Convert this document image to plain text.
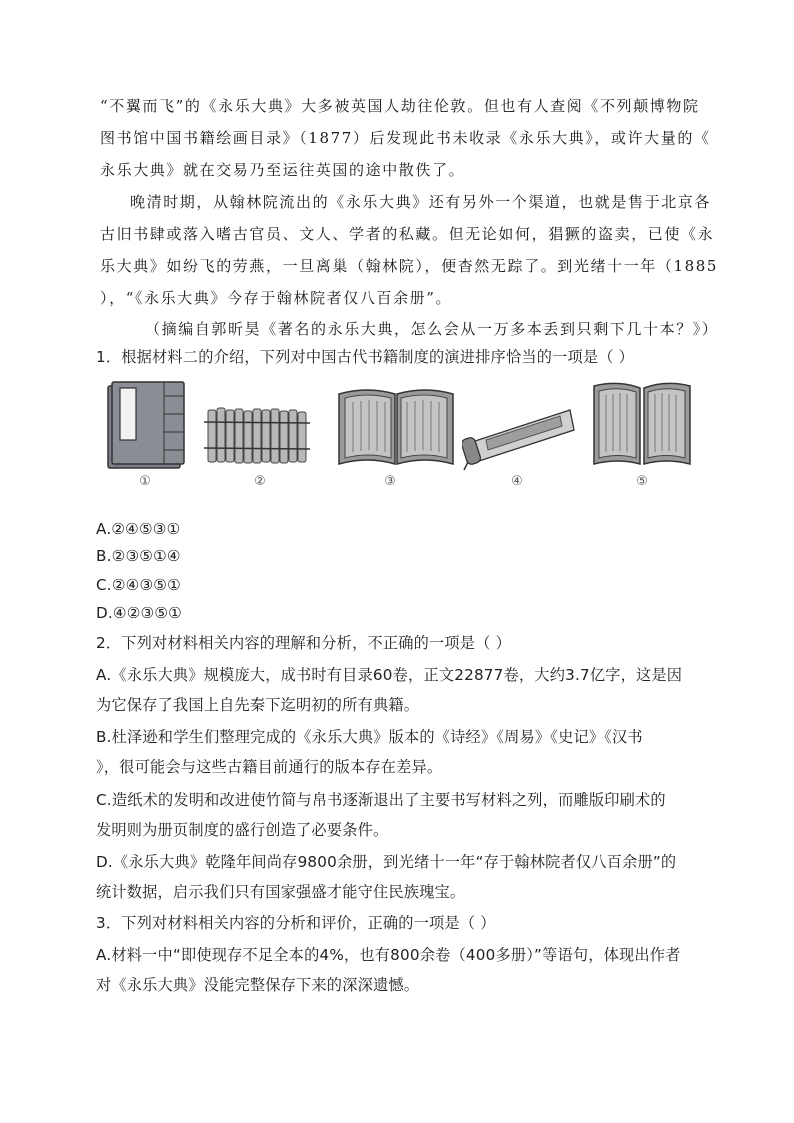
“不翼而飞”的《永乐大典》大多被英国人劫往伦敦。但也有人查阅《不列颠博物院
图书馆中国书籍绘画目录》（1877）后发现此书未收录《永乐大典》，或许大量的《
永乐大典》就在交易乃至运往英国的途中散佚了。
晚清时期，从翰林院流出的《永乐大典》还有另外一个渠道，也就是售于北京各
古旧书肆或落入嗜古官员、文人、学者的私藏。但无论如何，猖獗的盗卖，已使《永
乐大典》如纷飞的劳燕，一旦离巢（翰林院），便杳然无踪了。到光绪十一年（1885
），“《永乐大典》今存于翰林院者仅八百余册”。
（摘编自郭昕昊《著名的永乐大典，怎么会从一万多本丢到只剩下几十本？》）
1．根据材料二的介绍，下列对中国古代书籍制度的演进排序恰当的一项是（ ）
①	②	③	④	⑤
A.②④⑤③①
B.②③⑤①④
C.②④③⑤①
D.④②③⑤①
2．下列对材料相关内容的理解和分析，不正确的一项是（ ）
A.《永乐大典》规模庞大，成书时有目录60卷，正文22877卷，大约3.7亿字，这是因
为它保存了我国上自先秦下迄明初的所有典籍。
B.杜泽逊和学生们整理完成的《永乐大典》版本的《诗经》《周易》《史记》《汉书
》，很可能会与这些古籍目前通行的版本存在差异。
C.造纸术的发明和改进使竹简与帛书逐渐退出了主要书写材料之列，而雕版印刷术的
发明则为册页制度的盛行创造了必要条件。
D.《永乐大典》乾隆年间尚存9800余册，到光绪十一年“存于翰林院者仅八百余册”的
统计数据，启示我们只有国家强盛才能守住民族瑰宝。
3．下列对材料相关内容的分析和评价，正确的一项是（ ）
A.材料一中“即使现存不足全本的4%，也有800余卷（400多册）”等语句，体现出作者
对《永乐大典》没能完整保存下来的深深遗憾。
